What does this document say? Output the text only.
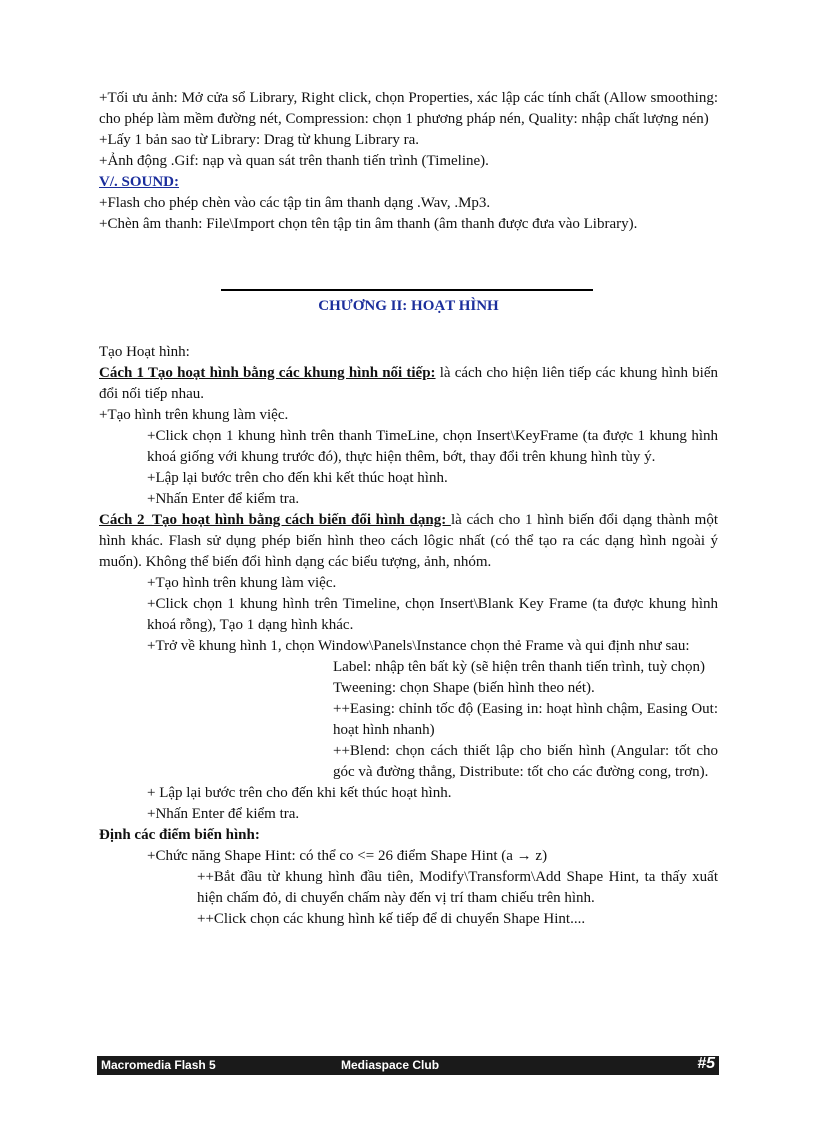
+Tối ưu ảnh: Mở cửa sổ Library, Right click, chọn Properties, xác lập các tính chất (Allow smoothing: cho phép làm mềm đường nét, Compression: chọn 1 phương pháp nén, Quality: nhập chất lượng nén)

+Lấy 1 bản sao từ Library: Drag từ khung Library ra.

+Ảnh động .Gif: nạp và quan sát trên thanh tiến trình (Timeline).

V/. SOUND:

+Flash cho phép chèn vào các tập tin âm thanh dạng .Wav, .Mp3.

+Chèn âm thanh: File\Import chọn tên tập tin âm thanh (âm thanh được đưa vào Library).

CHƯƠNG II: HOẠT HÌNH

Tạo Hoạt hình:

Cách 1 Tạo hoạt hình bằng các khung hình nối tiếp: là cách cho hiện liên tiếp các khung hình biến đổi nối tiếp nhau.

+Tạo hình trên khung làm việc.

+Click chọn 1 khung hình trên thanh TimeLine, chọn Insert\KeyFrame (ta được 1 khung hình khoá giống với khung trước đó), thực hiện thêm, bớt, thay đổi trên khung hình tùy ý.

+Lập lại bước trên cho đến khi kết thúc hoạt hình.

+Nhấn Enter để kiểm tra.

Cách 2_Tạo hoạt hình bằng cách biến đổi hình dạng: là cách cho 1 hình biến đổi dạng thành một hình khác. Flash sử dụng phép biến hình theo cách lôgic nhất (có thể tạo ra các dạng hình ngoài ý muốn). Không thể biến đổi hình dạng các biểu tượng, ảnh, nhóm.

+Tạo hình trên khung làm việc.

+Click chọn 1 khung hình trên Timeline, chọn Insert\Blank Key Frame (ta được khung hình khoá rỗng), Tạo 1 dạng hình khác.

+Trở về khung hình 1, chọn Window\Panels\Instance chọn thẻ Frame và qui định như sau:

Label: nhập tên bất kỳ (sẽ hiện trên thanh tiến trình, tuỳ chọn)

Tweening: chọn Shape (biến hình theo nét).

++Easing: chỉnh tốc độ (Easing in: hoạt hình chậm, Easing Out: hoạt hình nhanh)

++Blend: chọn cách thiết lập cho biến hình (Angular: tốt cho góc và đường thẳng, Distribute: tốt cho các đường cong, trơn).

+ Lập lại bước trên cho đến khi kết thúc hoạt hình.

+Nhấn Enter để kiểm tra.

Định các điểm biến hình:

+Chức năng Shape Hint: có thể co <= 26 điểm Shape Hint (a → z)

++Bắt đầu từ khung hình đầu tiên, Modify\Transform\Add Shape Hint, ta thấy xuất hiện chấm đỏ, di chuyển chấm này đến vị trí tham chiếu trên hình.

++Click chọn các khung hình kế tiếp để di chuyển Shape Hint....

Macromedia Flash 5	Mediaspace Club	#5
